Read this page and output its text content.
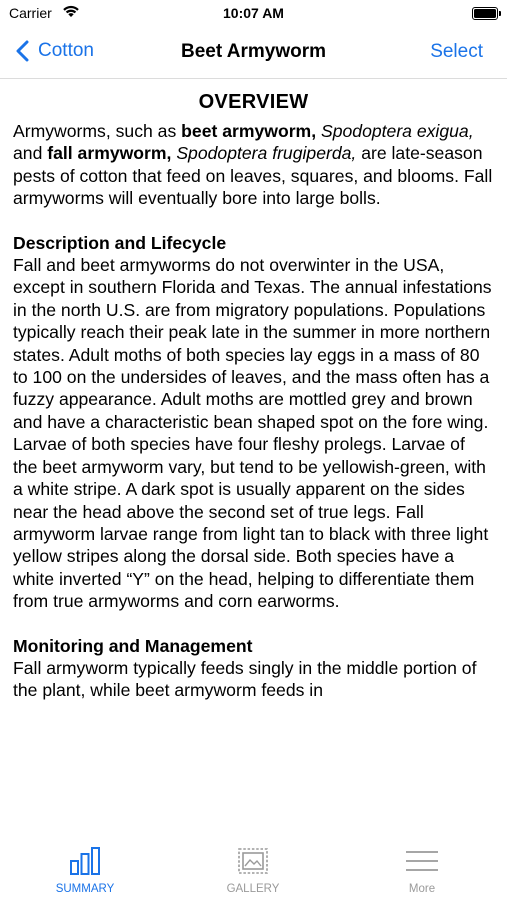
Carrier	10:07 AM
Cotton	Beet Armyworm	Select
OVERVIEW

Armyworms, such as beet armyworm, Spodoptera exigua, and fall armyworm, Spodoptera frugiperda, are late-season pests of cotton that feed on leaves, squares, and blooms. Fall armyworms will eventually bore into large bolls.

Description and Lifecycle

Fall and beet armyworms do not overwinter in the USA, except in southern Florida and Texas. The annual infestations in the north U.S. are from migratory populations. Populations typically reach their peak late in the summer in more northern states. Adult moths of both species lay eggs in a mass of 80 to 100 on the undersides of leaves, and the mass often has a fuzzy appearance. Adult moths are mottled grey and brown and have a characteristic bean shaped spot on the fore wing. Larvae of both species have four fleshy prolegs. Larvae of the beet armyworm vary, but tend to be yellowish-green, with a white stripe. A dark spot is usually apparent on the sides near the head above the second set of true legs. Fall armyworm larvae range from light tan to black with three light yellow stripes along the dorsal side. Both species have a white inverted “Y” on the head, helping to differentiate them from true armyworms and corn earworms.

Monitoring and Management

Fall armyworm typically feeds singly in the middle portion of the plant, while beet armyworm feeds in

SUMMARY	GALLERY	More
